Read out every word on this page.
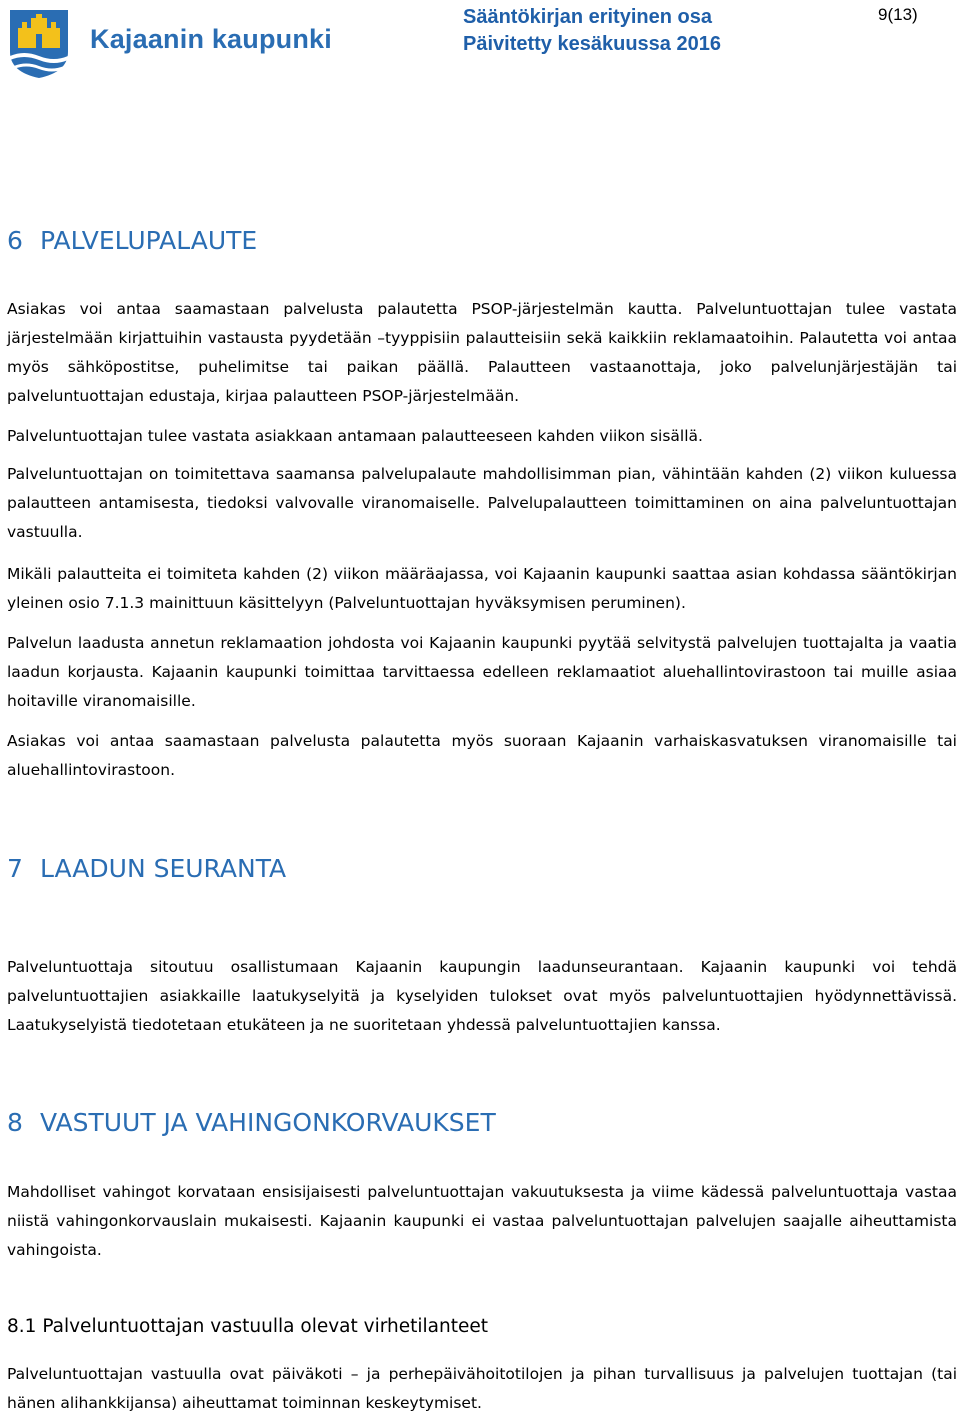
Kajaanin kaupunki
Sääntökirjan erityinen osa
Päivitetty kesäkuussa 2016
9(13)
6 PALVELUPALAUTE

Asiakas voi antaa saamastaan palvelusta palautetta PSOP-järjestelmän kautta. Palveluntuottajan tulee vastata järjestelmään kirjattuihin vastausta pyydetään –tyyppisiin palautteisiin sekä kaikkiin reklamaatoihin. Palautetta voi antaa myös sähköpostitse, puhelimitse tai paikan päällä. Palautteen vastaanottaja, joko palvelunjärjestäjän tai palveluntuottajan edustaja, kirjaa palautteen PSOP-järjestelmään.

Palveluntuottajan tulee vastata asiakkaan antamaan palautteeseen kahden viikon sisällä.

Palveluntuottajan on toimitettava saamansa palvelupalaute mahdollisimman pian, vähintään kahden (2) viikon kuluessa palautteen antamisesta, tiedoksi valvovalle viranomaiselle. Palvelupalautteen toimittaminen on aina palveluntuottajan vastuulla.

Mikäli palautteita ei toimiteta kahden (2) viikon määräajassa, voi Kajaanin kaupunki saattaa asian kohdassa sääntökirjan yleinen osio 7.1.3 mainittuun käsittelyyn (Palveluntuottajan hyväksymisen peruminen).

Palvelun laadusta annetun reklamaation johdosta voi Kajaanin kaupunki pyytää selvitystä palvelujen tuottajalta ja vaatia laadun korjausta. Kajaanin kaupunki toimittaa tarvittaessa edelleen reklamaatiot aluehallintovirastoon tai muille asiaa hoitaville viranomaisille.

Asiakas voi antaa saamastaan palvelusta palautetta myös suoraan Kajaanin varhaiskasvatuksen viranomaisille tai aluehallintovirastoon.

7 LAADUN SEURANTA

Palveluntuottaja sitoutuu osallistumaan Kajaanin kaupungin laadunseurantaan. Kajaanin kaupunki voi tehdä palveluntuottajien asiakkaille laatukyselyitä ja kyselyiden tulokset ovat myös palveluntuottajien hyödynnettävissä. Laatukyselyistä tiedotetaan etukäteen ja ne suoritetaan yhdessä palveluntuottajien kanssa.

8 VASTUUT JA VAHINGONKORVAUKSET

Mahdolliset vahingot korvataan ensisijaisesti palveluntuottajan vakuutuksesta ja viime kädessä palveluntuottaja vastaa niistä vahingonkorvauslain mukaisesti. Kajaanin kaupunki ei vastaa palveluntuottajan palvelujen saajalle aiheuttamista vahingoista.

8.1 Palveluntuottajan vastuulla olevat virhetilanteet

Palveluntuottajan vastuulla ovat päiväkoti – ja perhepäivähoitotilojen ja pihan turvallisuus ja palvelujen tuottajan (tai hänen alihankkijansa) aiheuttamat toiminnan keskeytymiset.
